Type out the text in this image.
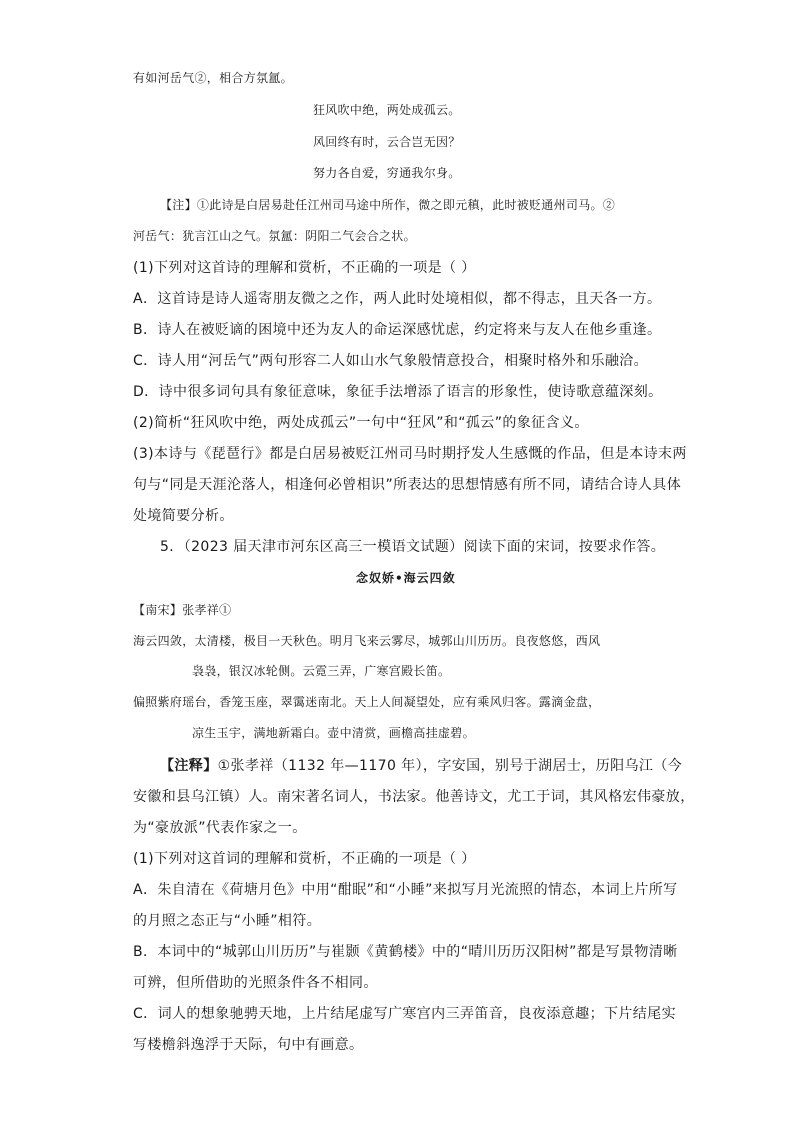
有如河岳气②，相合方氛氲。
狂风吹中绝，两处成孤云。
风回终有时，云合岂无因？
努力各自爱，穷通我尔身。
【注】①此诗是白居易赴任江州司马途中所作，微之即元稹，此时被贬通州司马。②
河岳气：犹言江山之气。氛氲：阴阳二气会合之状。
(1)下列对这首诗的理解和赏析，不正确的一项是（ ）
A．这首诗是诗人遥寄朋友微之之作，两人此时处境相似，都不得志，且天各一方。
B．诗人在被贬谪的困境中还为友人的命运深感忧虑，约定将来与友人在他乡重逢。
C．诗人用“河岳气”两句形容二人如山水气象般情意投合，相聚时格外和乐融洽。
D．诗中很多词句具有象征意味，象征手法增添了语言的形象性，使诗歌意蕴深刻。
(2)简析“狂风吹中绝，两处成孤云”一句中“狂风”和“孤云”的象征含义。
(3)本诗与《琵琶行》都是白居易被贬江州司马时期抒发人生感慨的作品，但是本诗末两
句与“同是天涯沦落人，相逢何必曾相识”所表达的思想情感有所不同，请结合诗人具体
处境简要分析。
5．（2023 届天津市河东区高三一模语文试题）阅读下面的宋词，按要求作答。
念奴娇•海云四敛
【南宋】张孝祥①
海云四敛，太清楼，极目一天秋色。明月飞来云雾尽，城郭山川历历。良夜悠悠，西风
袅袅，银汉冰轮侧。云霓三弄，广寒宫殿长笛。
偏照紫府瑶台，香笼玉座，翠霭迷南北。天上人间凝望处，应有乘风归客。露滴金盘，
凉生玉宇，满地新霜白。壶中清赏，画檐高挂虚碧。
【注释】①张孝祥（1132 年—1170 年），字安国，别号于湖居士，历阳乌江（今
安徽和县乌江镇）人。南宋著名词人，书法家。他善诗文，尤工于词，其风格宏伟豪放，
为“豪放派”代表作家之一。
(1)下列对这首词的理解和赏析，不正确的一项是（ ）
A．朱自清在《荷塘月色》中用“酣眠”和“小睡”来拟写月光流照的情态，本词上片所写
的月照之态正与“小睡”相符。
B．本词中的“城郭山川历历”与崔颢《黄鹤楼》中的“晴川历历汉阳树”都是写景物清晰
可辨，但所借助的光照条件各不相同。
C．词人的想象驰骋天地，上片结尾虚写广寒宫内三弄笛音，良夜添意趣；下片结尾实
写楼檐斜逸浮于天际，句中有画意。
